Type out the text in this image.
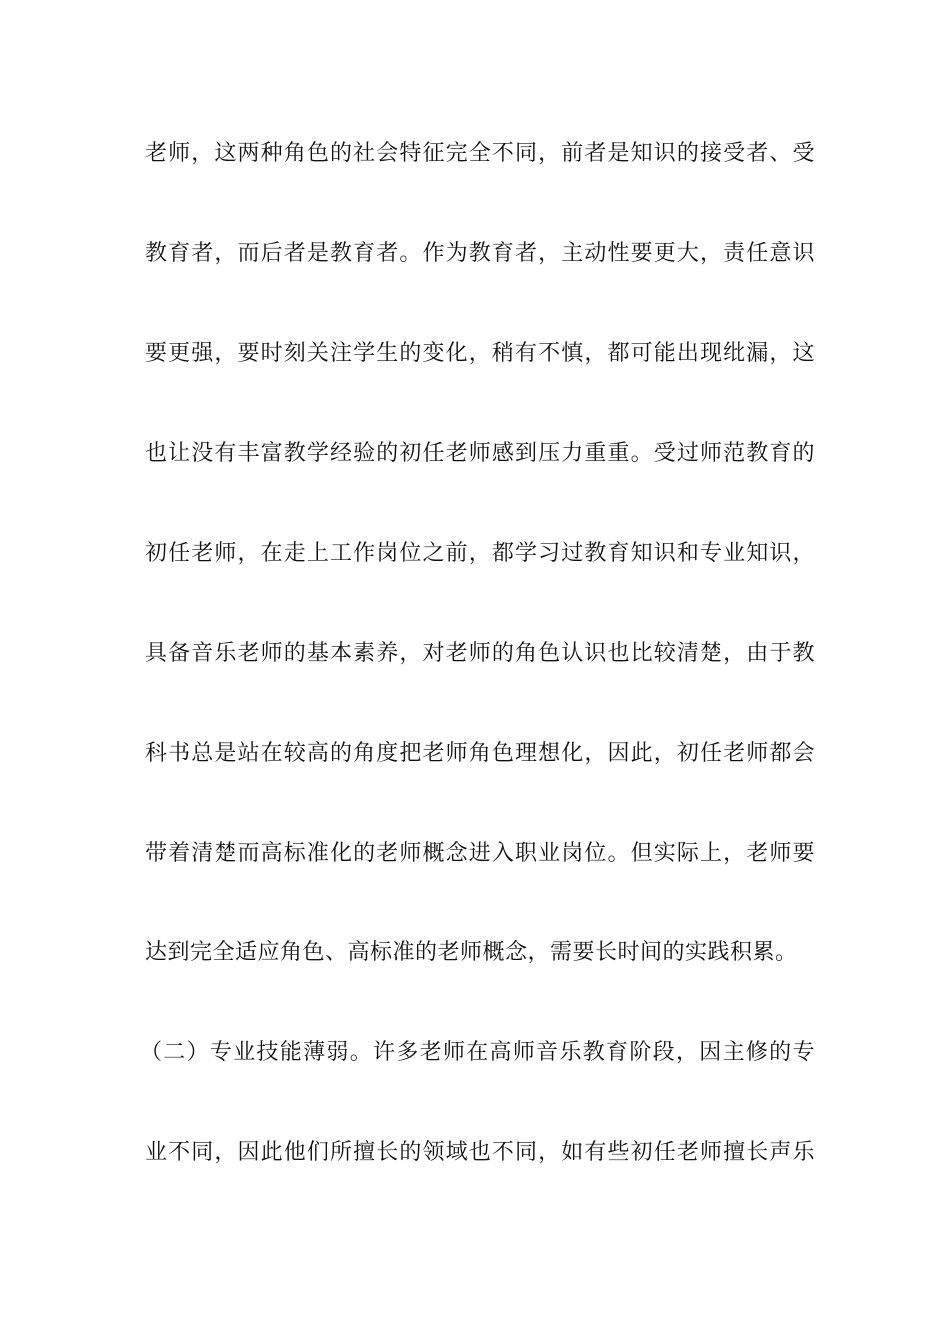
老师，这两种角色的社会特征完全不同，前者是知识的接受者、受
教育者，而后者是教育者。作为教育者，主动性要更大，责任意识
要更强，要时刻关注学生的变化，稍有不慎，都可能出现纰漏，这
也让没有丰富教学经验的初任老师感到压力重重。受过师范教育的
初任老师，在走上工作岗位之前，都学习过教育知识和专业知识，
具备音乐老师的基本素养，对老师的角色认识也比较清楚，由于教
科书总是站在较高的角度把老师角色理想化，因此，初任老师都会
带着清楚而高标准化的老师概念进入职业岗位。但实际上，老师要
达到完全适应角色、高标准的老师概念，需要长时间的实践积累。
（二）专业技能薄弱。许多老师在高师音乐教育阶段，因主修的专
业不同，因此他们所擅长的领域也不同，如有些初任老师擅长声乐
